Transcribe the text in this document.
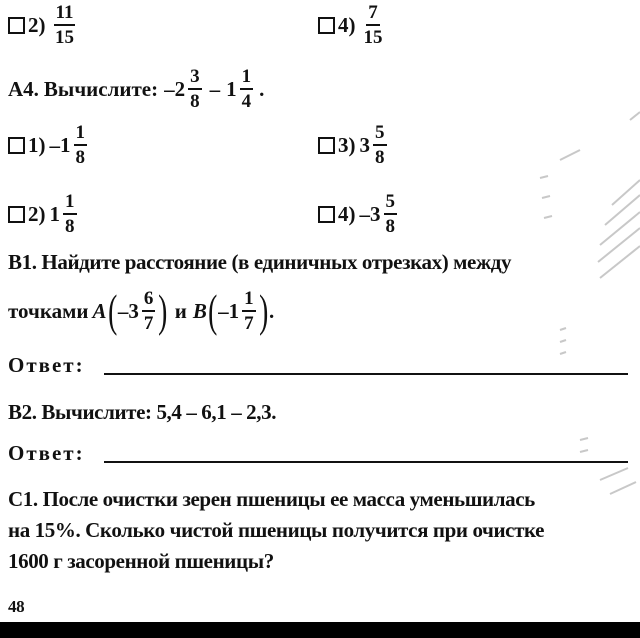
$2) \frac{11}{15}$	$4) \frac{7}{15}$
A4. Вычислите: $-2 \frac{3}{8} - 1 \frac{1}{4}$ .
1) $-1 \frac{1}{8}$	3) $3 \frac{5}{8}$
2) $1 \frac{1}{8}$	4) $-3 \frac{5}{8}$
B1. Найдите расстояние (в единичных отрезках) между
точками A ( $-3 \frac{6}{7}$ ) и B ( $-1 \frac{1}{7}$ ) .
Ответ:
B2. Вычислите: 5,4 – 6,1 – 2,3.
Ответ:
C1. После очистки зерен пшеницы ее масса уменьшилась
на 15%. Сколько чистой пшеницы получится при очистке
1600 г засоренной пшеницы?
48
